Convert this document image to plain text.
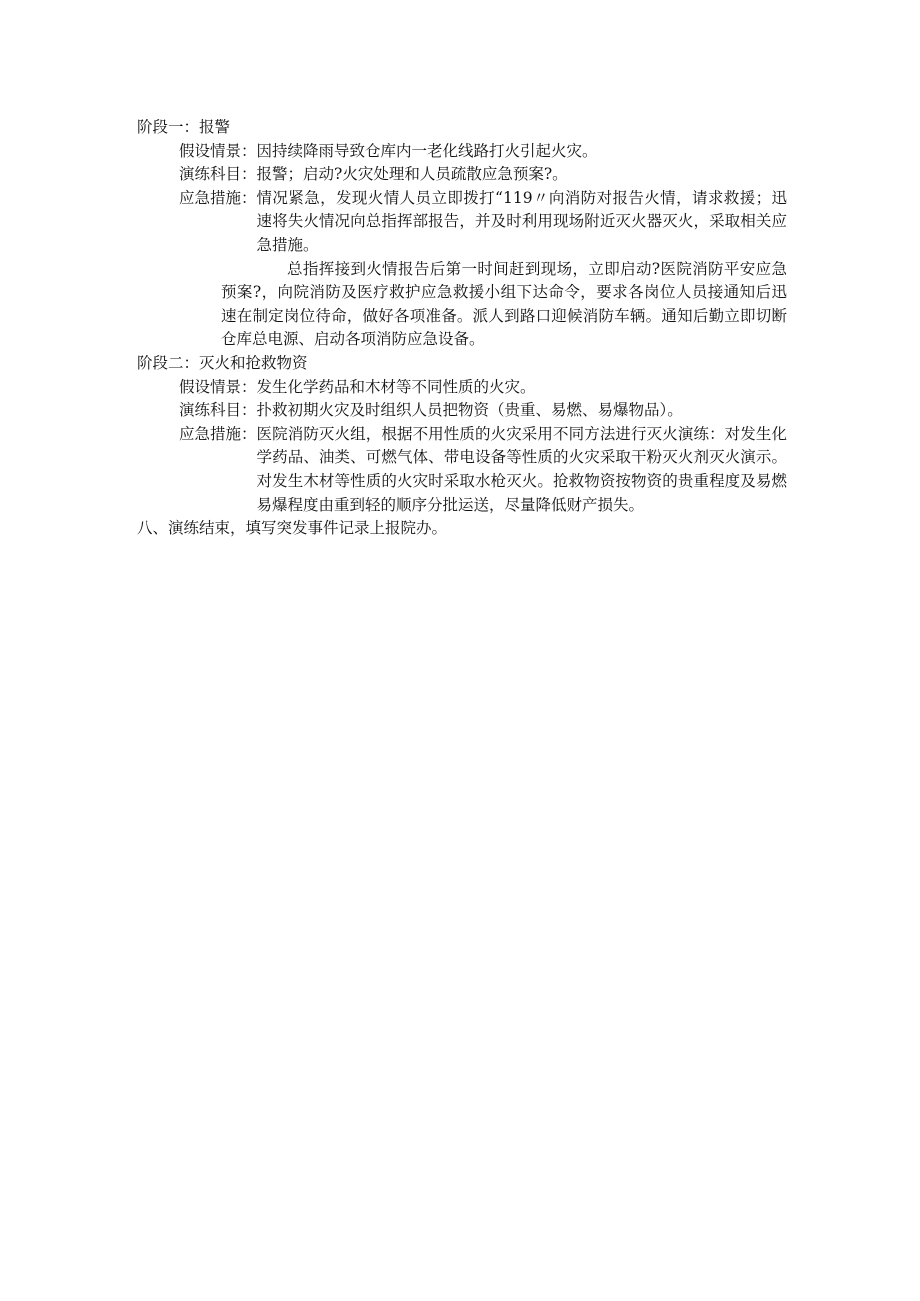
阶段一：报警
假设情景：因持续降雨导致仓库内一老化线路打火引起火灾。
演练科目：报警；启动?火灾处理和人员疏散应急预案?。
应急措施： 情况紧急，发现火情人员立即拨打“119〃向消防对报告火情，请求救援；迅速将失火情况向总指挥部报告，并及时利用现场附近灭火器灭火，采取相关应急措施。
总指挥接到火情报告后第一时间赶到现场，立即启动?医院消防平安应急预案?，向院消防及医疗救护应急救援小组下达命令，要求各岗位人员接通知后迅速在制定岗位待命，做好各项准备。派人到路口迎候消防车辆。通知后勤立即切断仓库总电源、启动各项消防应急设备。
阶段二：灭火和抢救物资
假设情景：发生化学药品和木材等不同性质的火灾。
演练科目：扑救初期火灾及时组织人员把物资（贵重、易燃、易爆物品）。
应急措施： 医院消防灭火组，根据不用性质的火灾采用不同方法进行灭火演练：对发生化学药品、油类、可燃气体、带电设备等性质的火灾采取干粉灭火剂灭火演示。对发生木材等性质的火灾时采取水枪灭火。抢救物资按物资的贵重程度及易燃易爆程度由重到轻的顺序分批运送，尽量降低财产损失。
八、演练结束，填写突发事件记录上报院办。
